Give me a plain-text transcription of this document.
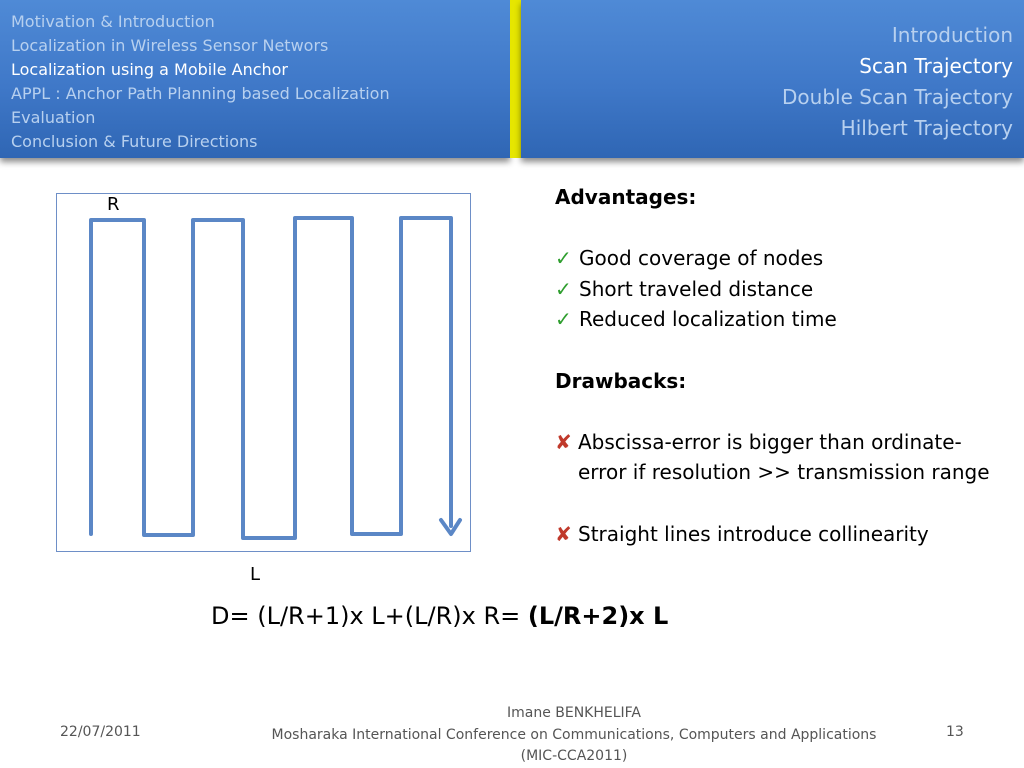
Motivation & Introduction
Localization in Wireless Sensor Networs
Localization using a Mobile Anchor
APPL : Anchor Path Planning based Localization
Evaluation
Conclusion & Future Directions
Introduction
Scan Trajectory
Double Scan Trajectory
Hilbert Trajectory
R
L
Advantages:
✓ Good coverage of nodes
✓ Short traveled distance
✓ Reduced localization time
Drawbacks:
✘ Abscissa-error is bigger than ordinate-
error if resolution >> transmission range
✘ Straight lines introduce collinearity
D= (L/R+1)x L+(L/R)x R= (L/R+2)x L
22/07/2011
Imane BENKHELIFA
Mosharaka International Conference on Communications, Computers and Applications
(MIC-CCA2011)
13
